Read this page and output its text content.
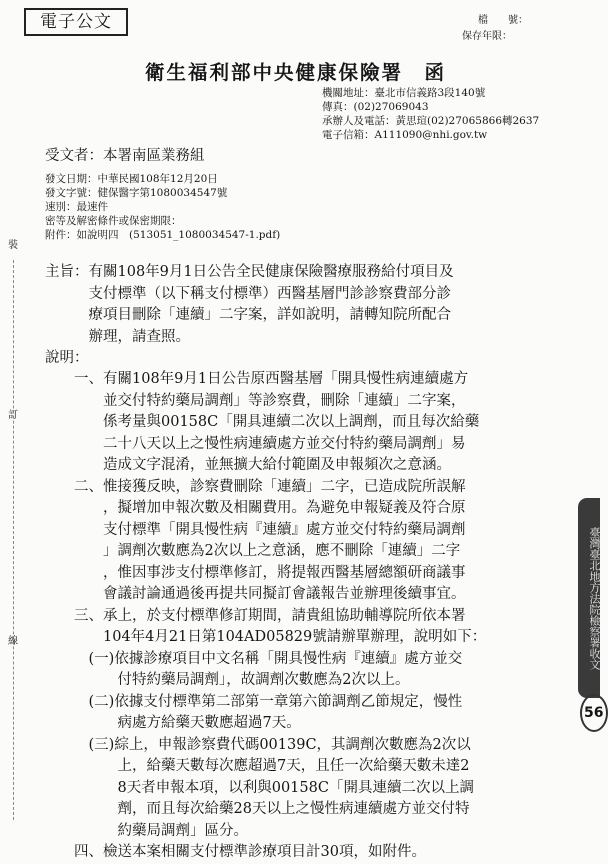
電子公文	檔　　號：
保存年限：
衛生福利部中央健康保險署　函
機關地址：臺北市信義路3段140號
傳真：(02)27069043
承辦人及電話：黃思瑄(02)27065866轉2637
電子信箱：A111090@nhi.gov.tw
受文者：本署南區業務組
發文日期：中華民國108年12月20日
發文字號：健保醫字第1080034547號
速別：最速件
密等及解密條件或保密期限：
附件：如說明四　(513051_1080034547-1.pdf)
主旨：有關108年9月1日公告全民健康保險醫療服務給付項目及
　　　支付標準（以下稱支付標準）西醫基層門診診察費部分診
　　　療項目刪除「連續」二字案，詳如說明，請轉知院所配合
　　　辦理，請查照。
說明：
　　一、有關108年9月1日公告原西醫基層「開具慢性病連續處方
　　　　並交付特約藥局調劑」等診察費，刪除「連續」二字案，
　　　　係考量與00158C「開具連續二次以上調劑，而且每次給藥
　　　　二十八天以上之慢性病連續處方並交付特約藥局調劑」易
　　　　造成文字混淆，並無擴大給付範圍及申報頻次之意涵。
　　二、惟接獲反映，診察費刪除「連續」二字，已造成院所誤解
　　　　，擬增加申報次數及相關費用。為避免申報疑義及符合原
　　　　支付標準「開具慢性病『連續』處方並交付特約藥局調劑
　　　　」調劑次數應為2次以上之意涵，應不刪除「連續」二字
　　　　，惟因事涉支付標準修訂，將提報西醫基層總額研商議事
　　　　會議討論通過後再提共同擬訂會議報告並辦理後續事宜。
　　三、承上，於支付標準修訂期間，請貴組協助輔導院所依本署
　　　　104年4月21日第104AD05829號請辦單辦理，說明如下：
　　　(一)依據診療項目中文名稱「開具慢性病『連續』處方並交
　　　　　付特約藥局調劑」，故調劑次數應為2次以上。
　　　(二)依據支付標準第二部第一章第六節調劑乙節規定，慢性
　　　　　病處方給藥天數應超過7天。
　　　(三)綜上，申報診察費代碼00139C，其調劑次數應為2次以
　　　　　上，給藥天數每次應超過7天，且任一次給藥天數未達2
　　　　　8天者申報本項，以利與00158C「開具連續二次以上調
　　　　　劑，而且每次給藥28天以上之慢性病連續處方並交付特
　　　　　約藥局調劑」區分。
　　四、檢送本案相關支付標準診療項目計30項，如附件。
裝
訂
線	臺灣臺北地方法院檢察署收文
56
